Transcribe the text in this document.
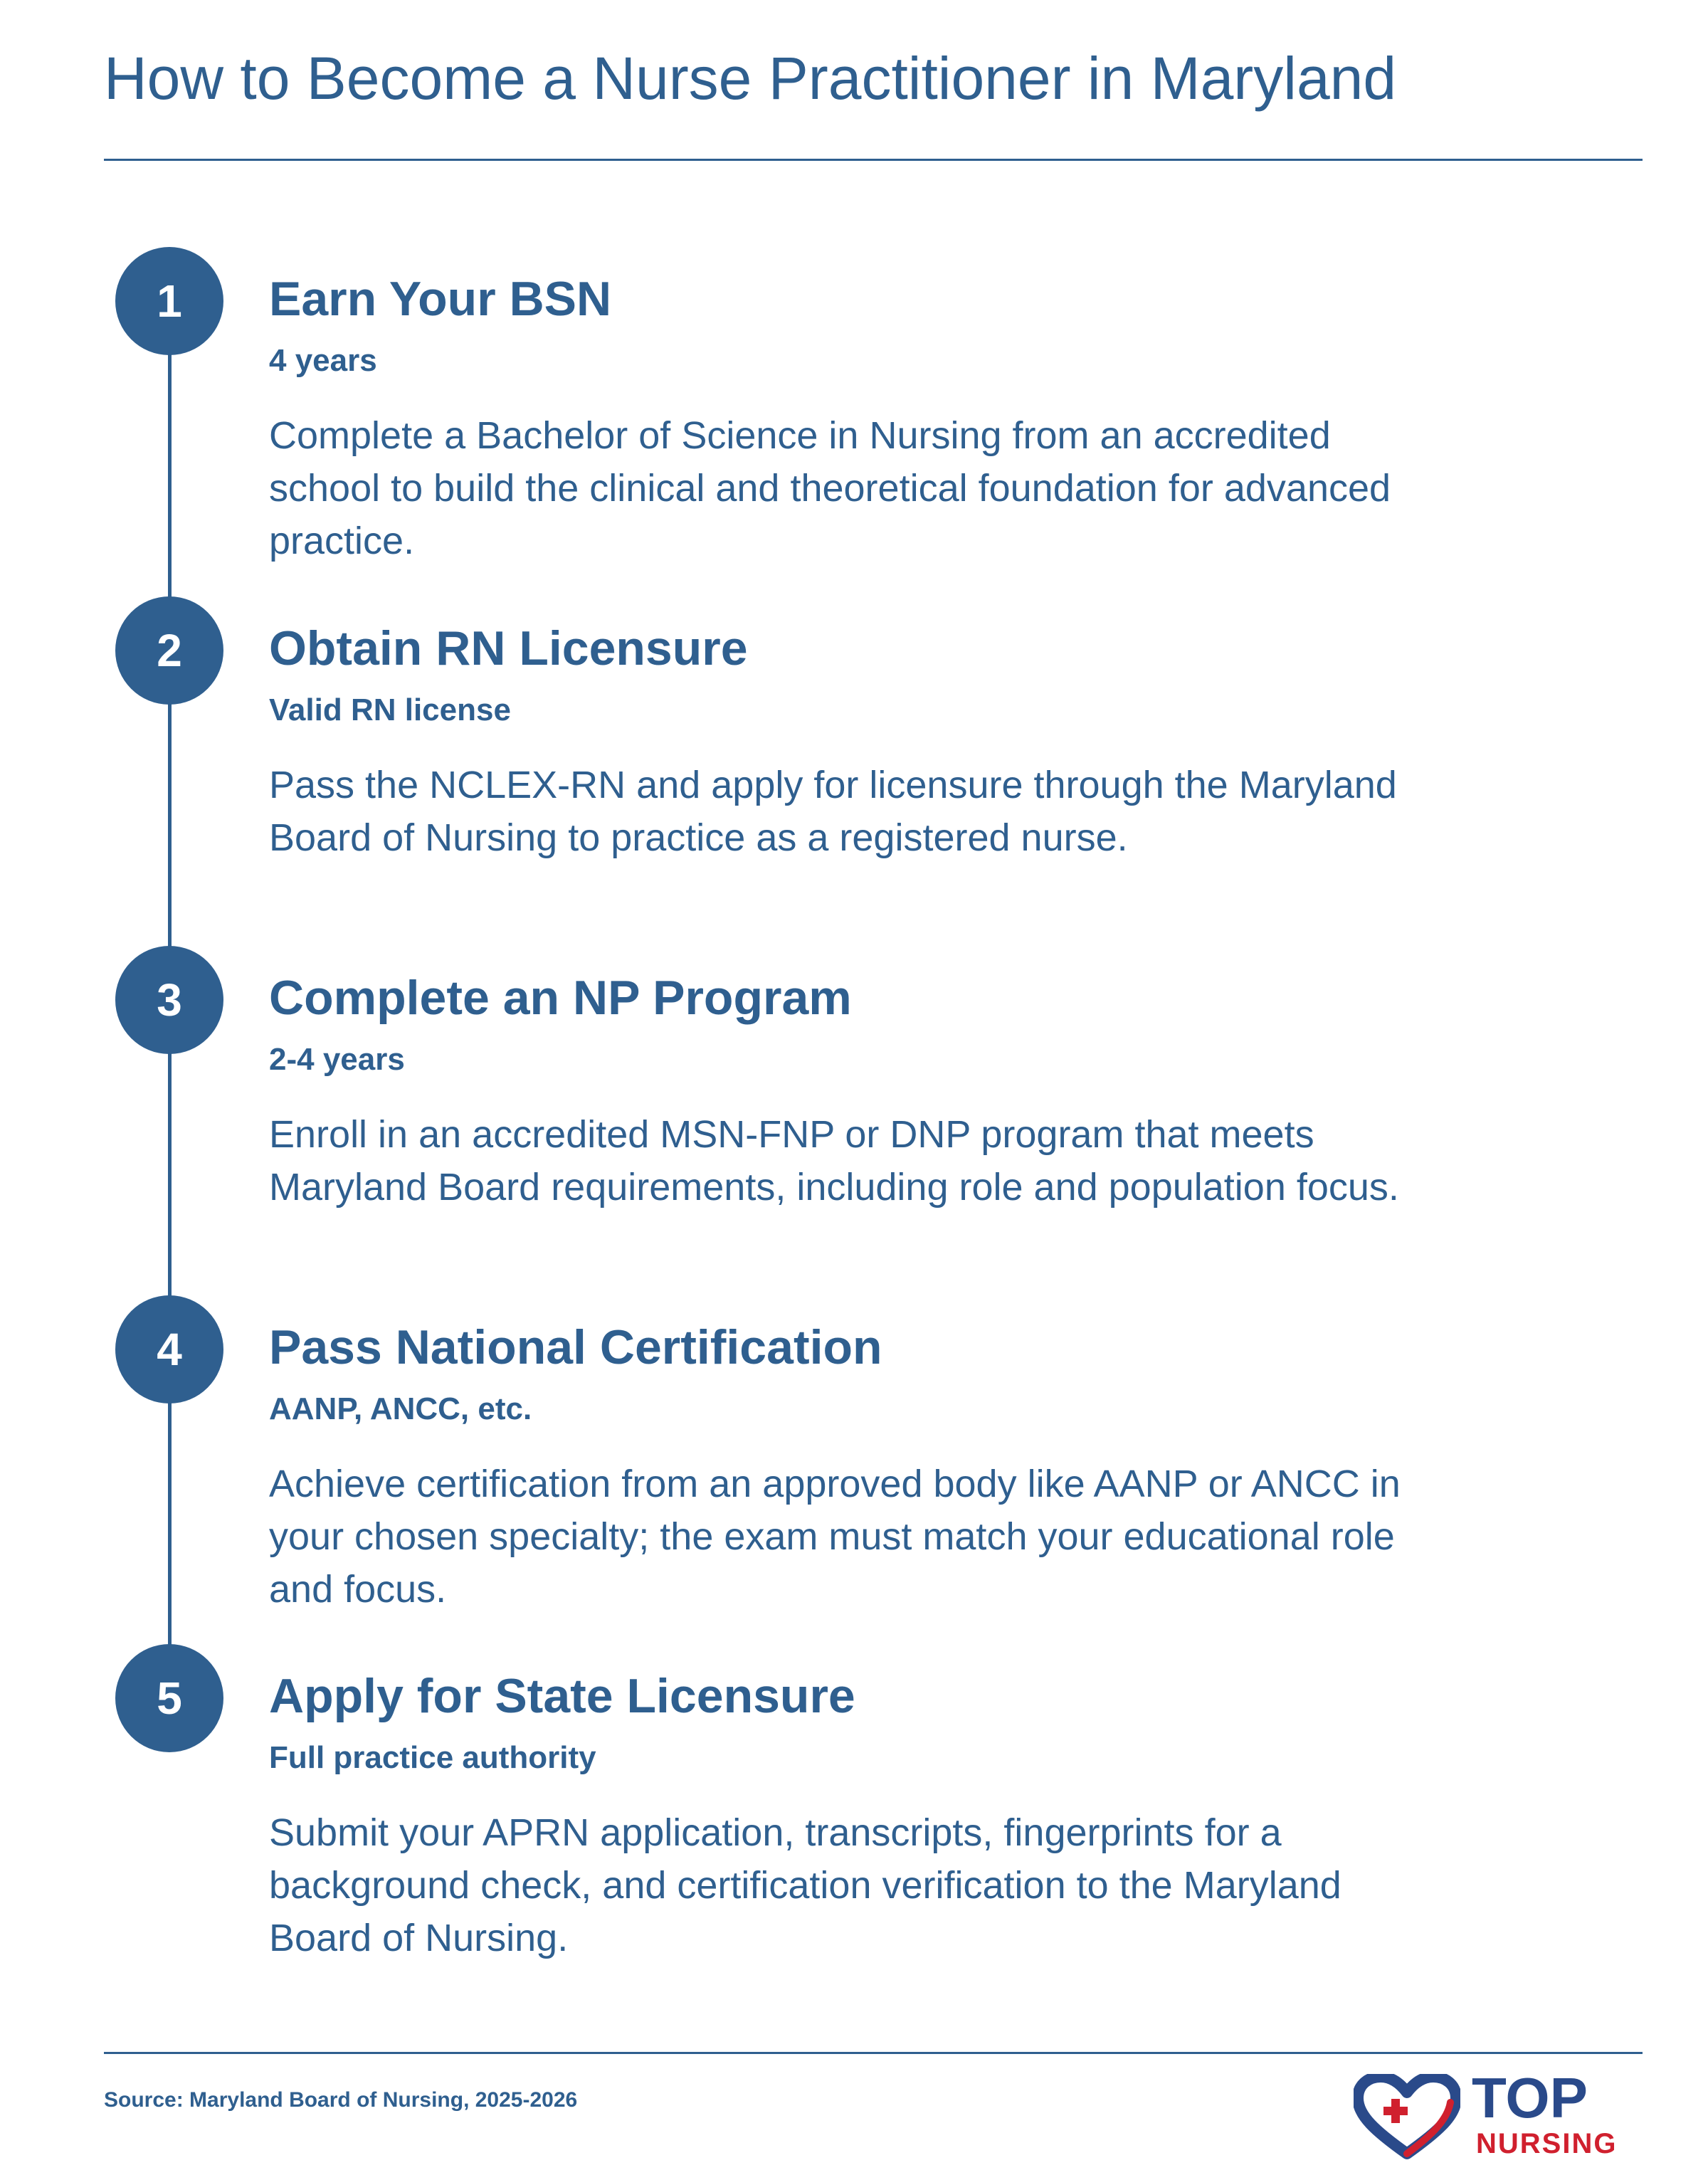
How to Become a Nurse Practitioner in Maryland
1	Earn Your BSN
4 years

Complete a Bachelor of Science in Nursing from an accredited school to build the clinical and theoretical foundation for advanced practice.

2	Obtain RN Licensure
Valid RN license

Pass the NCLEX-RN and apply for licensure through the Maryland Board of Nursing to practice as a registered nurse.

3	Complete an NP Program
2-4 years

Enroll in an accredited MSN-FNP or DNP program that meets Maryland Board requirements, including role and population focus.

4	Pass National Certification
AANP, ANCC, etc.

Achieve certification from an approved body like AANP or ANCC in your chosen specialty; the exam must match your educational role and focus.

5	Apply for State Licensure
Full practice authority

Submit your APRN application, transcripts, fingerprints for a background check, and certification verification to the Maryland Board of Nursing.

Source: Maryland Board of Nursing, 2025-2026	TOP
NURSING
